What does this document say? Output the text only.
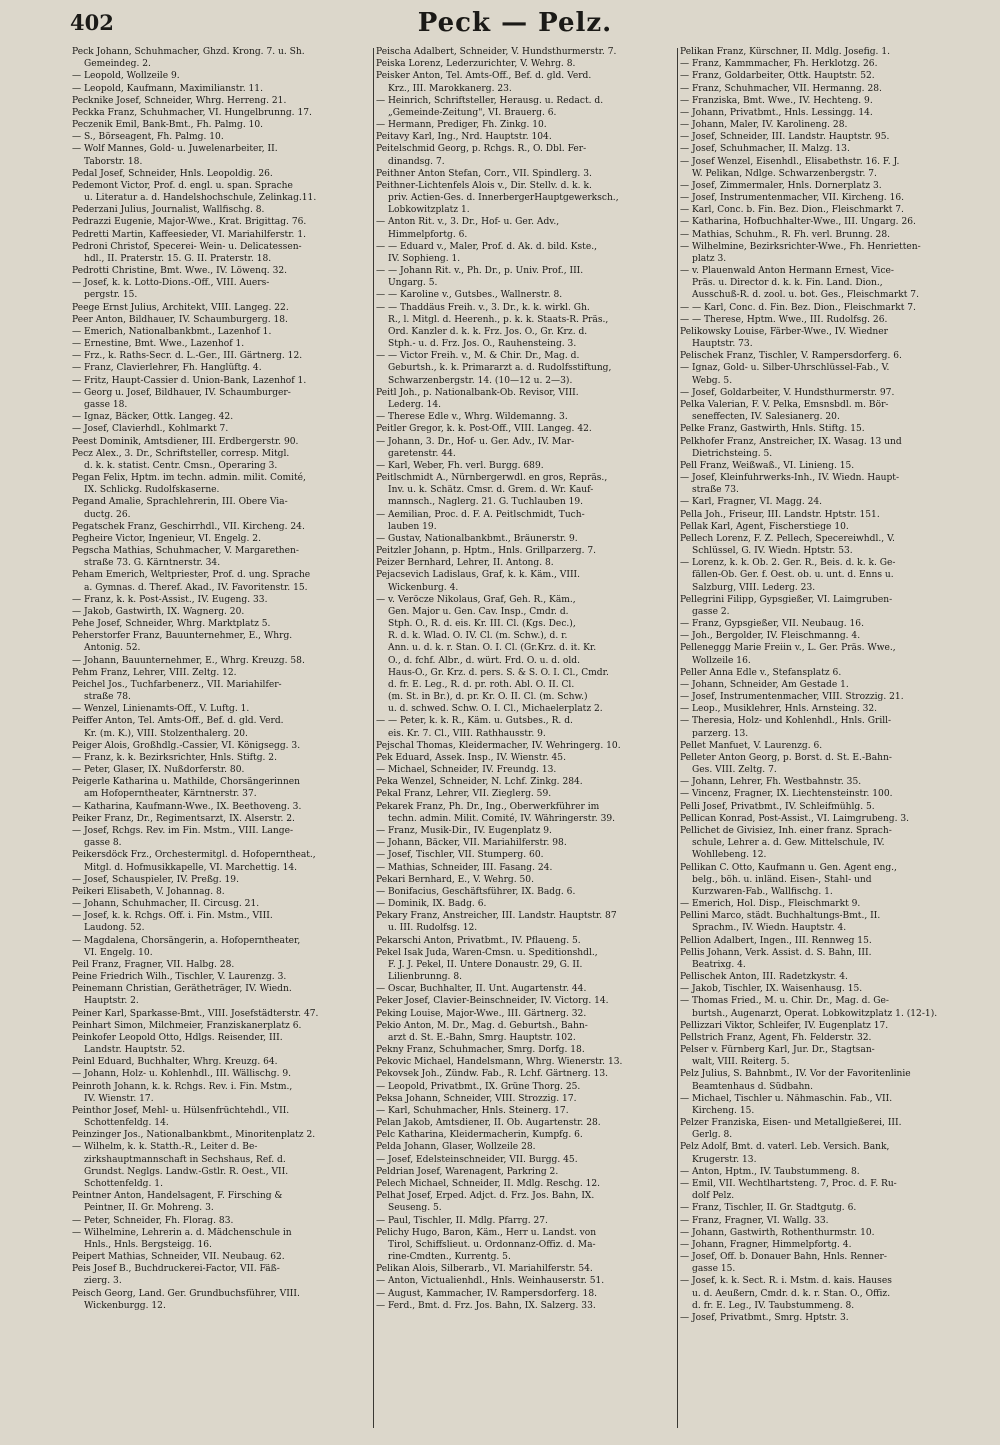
402	Peck — Pelz.
Peck Johann, Schuhmacher, Ghzd. Krong. 7. u. Sh.
Gemeindeg. 2.
— Leopold, Wollzeile 9.
— Leopold, Kaufmann, Maximilianstr. 11.
Pecknike Josef, Schneider, Whrg. Herreng. 21.
Peckka Franz, Schuhmacher, VI. Hungelbrunng. 17.
Peczenik Emil, Bank-Bmt., Fh. Palmg. 10.
— S., Börseagent, Fh. Palmg. 10.
— Wolf Mannes, Gold- u. Juwelenarbeiter, II.
Taborstr. 18.
Pedal Josef, Schneider, Hnls. Leopoldig. 26.
Pedemont Victor, Prof. d. engl. u. span. Sprache
u. Literatur a. d. Handelshochschule, Zelinkag.11.
Pederzani Julius, Journalist, Wallfischg. 8.
Pedrazzi Eugenie, Major-Wwe., Krat. Brigittag. 76.
Pedretti Martin, Kaffeesieder, VI. Mariahilferstr. 1.
Pedroni Christof, Specerei- Wein- u. Delicatessen-
hdl., II. Praterstr. 15. G. II. Praterstr. 18.
Pedrotti Christine, Bmt. Wwe., IV. Löwenq. 32.
— Josef, k. k. Lotto-Dions.-Off., VIII. Auers-
pergstr. 15.
Peege Ernst Julius, Architekt, VIII. Langeg. 22.
Peer Anton, Bildhauer, IV. Schaumburgerg. 18.
— Emerich, Nationalbankbmt., Lazenhof 1.
— Ernestine, Bmt. Wwe., Lazenhof 1.
— Frz., k. Raths-Secr. d. L.-Ger., III. Gärtnerg. 12.
— Franz, Clavierlehrer, Fh. Hanglüftg. 4.
— Fritz, Haupt-Cassier d. Union-Bank, Lazenhof 1.
— Georg u. Josef, Bildhauer, IV. Schaumburger-
gasse 18.
— Ignaz, Bäcker, Ottk. Langeg. 42.
— Josef, Clavierhdl., Kohlmarkt 7.
Peest Dominik, Amtsdiener, III. Erdbergerstr. 90.
Pecz Alex., 3. Dr., Schriftsteller, corresp. Mitgl.
d. k. k. statist. Centr. Cmsn., Operaring 3.
Pegan Felix, Hptm. im techn. admin. milit. Comité,
IX. Schlickg. Rudolfskaserne.
Pegand Amalie, Sprachlehrerin, III. Obere Via-
ductg. 26.
Pegatschek Franz, Geschirrhdl., VII. Kircheng. 24.
Pegheire Victor, Ingenieur, VI. Engelg. 2.
Pegscha Mathias, Schuhmacher, V. Margarethen-
straße 73. G. Kärntnerstr. 34.
Peham Emerich, Weltpriester, Prof. d. ung. Sprache
a. Gymnas. d. Theref. Akad., IV. Favoritenstr. 15.
— Franz, k. k. Post-Assist., IV. Eugeng. 33.
— Jakob, Gastwirth, IX. Wagnerg. 20.
Pehe Josef, Schneider, Whrg. Marktplatz 5.
Peherstorfer Franz, Bauunternehmer, E., Whrg.
Antonig. 52.
— Johann, Bauunternehmer, E., Whrg. Kreuzg. 58.
Pehm Franz, Lehrer, VIII. Zeltg. 12.
Peichel Jos., Tuchfarbenerz., VII. Mariahilfer-
straße 78.
— Wenzel, Linienamts-Off., V. Luftg. 1.
Peiffer Anton, Tel. Amts-Off., Bef. d. gld. Verd.
Kr. (m. K.), VIII. Stolzenthalerg. 20.
Peiger Alois, Großhdlg.-Cassier, VI. Königsegg. 3.
— Franz, k. k. Bezirksrichter, Hnls. Stiftg. 2.
— Peter, Glaser, IX. Nußdorferstr. 80.
Peigerle Katharina u. Mathilde, Chorsängerinnen
am Hofoperntheater, Kärntnerstr. 37.
— Katharina, Kaufmann-Wwe., IX. Beethoveng. 3.
Peiker Franz, Dr., Regimentsarzt, IX. Alserstr. 2.
— Josef, Rchgs. Rev. im Fin. Mstm., VIII. Lange-
gasse 8.
Peikersdöck Frz., Orchestermitgl. d. Hofoperntheat.,
Mitgl. d. Hofmusikkapelle, VI. Marchettig. 14.
— Josef, Schauspieler, IV. Preßg. 19.
Peikeri Elisabeth, V. Johannag. 8.
— Johann, Schuhmacher, II. Circusg. 21.
— Josef, k. k. Rchgs. Off. i. Fin. Mstm., VIII.
Laudong. 52.
— Magdalena, Chorsängerin, a. Hofoperntheater,
VI. Engelg. 10.
Peil Franz, Fragner, VII. Halbg. 28.
Peine Friedrich Wilh., Tischler, V. Laurenzg. 3.
Peinemann Christian, Gerätheträger, IV. Wiedn.
Hauptstr. 2.
Peiner Karl, Sparkasse-Bmt., VIII. Josefstädterstr. 47.
Peinhart Simon, Milchmeier, Franziskanerplatz 6.
Peinkofer Leopold Otto, Hdlgs. Reisender, III.
Landstr. Hauptstr. 52.
Peinl Eduard, Buchhalter, Whrg. Kreuzg. 64.
— Johann, Holz- u. Kohlenhdl., III. Wällischg. 9.
Peinroth Johann, k. k. Rchgs. Rev. i. Fin. Mstm.,
IV. Wienstr. 17.
Peinthor Josef, Mehl- u. Hülsenfrüchtehdl., VII.
Schottenfeldg. 14.
Peinzinger Jos., Nationalbankbmt., Minoritenplatz 2.
— Wilhelm, k. k. Statth.-R., Leiter d. Be-
zirkshauptmannschaft in Sechshaus, Ref. d.
Grundst. Neglgs. Landw.-Gstlr. R. Oest., VII.
Schottenfeldg. 1.
Peintner Anton, Handelsagent, F. Firsching &
Peintner, II. Gr. Mohreng. 3.
— Peter, Schneider, Fh. Florag. 83.
— Wilhelmine, Lehrerin a. d. Mädchenschule in
Hnls., Hnls. Bergsteigg. 16.
Peipert Mathias, Schneider, VII. Neubaug. 62.
Peis Josef B., Buchdruckerei-Factor, VII. Fäß-
zierg. 3.
Peisch Georg, Land. Ger. Grundbuchsführer, VIII.
Wickenburgg. 12.
Peischa Adalbert, Schneider, V. Hundsthurmerstr. 7.
Peiska Lorenz, Lederzurichter, V. Wehrg. 8.
Peisker Anton, Tel. Amts-Off., Bef. d. gld. Verd.
Krz., III. Marokkanerg. 23.
— Heinrich, Schriftsteller, Herausg. u. Redact. d.
„Gemeinde-Zeitung", VI. Brauerg. 6.
— Hermann, Prediger, Fh. Zinkg. 10.
Peitavy Karl, Ing., Nrd. Hauptstr. 104.
Peitelschmid Georg, p. Rchgs. R., O. Dbl. Fer-
dinandsg. 7.
Peithner Anton Stefan, Corr., VII. Spindlerg. 3.
Peithner-Lichtenfels Alois v., Dir. Stellv. d. k. k.
priv. Actien-Ges. d. InnerbergerHauptgewerksch.,
Lobkowitzplatz 1.
— Anton Rit. v., 3. Dr., Hof- u. Ger. Adv.,
Himmelpfortg. 6.
— — Eduard v., Maler, Prof. d. Ak. d. bild. Kste.,
IV. Sophieng. 1.
— — Johann Rit. v., Ph. Dr., p. Univ. Prof., III.
Ungarg. 5.
— — Karoline v., Gutsbes., Wallnerstr. 8.
— — Thaddäus Freih. v., 3. Dr., k. k. wirkl. Gh.
R., l. Mitgl. d. Heerenh., p. k. k. Staats-R. Präs.,
Ord. Kanzler d. k. k. Frz. Jos. O., Gr. Krz. d.
Stph.- u. d. Frz. Jos. O., Rauhensteing. 3.
— — Victor Freih. v., M. & Chir. Dr., Mag. d.
Geburtsh., k. k. Primararzt a. d. Rudolfsstiftung,
Schwarzenbergstr. 14. (10—12 u. 2—3).
Peitl Joh., p. Nationalbank-Ob. Revisor, VIII.
Lederg. 14.
— Therese Edle v., Whrg. Wildemanng. 3.
Peitler Gregor, k. k. Post-Off., VIII. Langeg. 42.
— Johann, 3. Dr., Hof- u. Ger. Adv., IV. Mar-
garetenstr. 44.
— Karl, Weber, Fh. verl. Burgg. 689.
Peitlschmidt A., Nürnbergerwdl. en gros, Repräs.,
Inv. u. k. Schätz. Cmsr. d. Grem. d. Wr. Kauf-
mannsch., Naglerg. 21. G. Tuchlauben 19.
— Aemilian, Proc. d. F. A. Peitlschmidt, Tuch-
lauben 19.
— Gustav, Nationalbankbmt., Bräunerstr. 9.
Peitzler Johann, p. Hptm., Hnls. Grillparzerg. 7.
Peizer Bernhard, Lehrer, II. Antong. 8.
Pejacsevich Ladislaus, Graf, k. k. Käm., VIII.
Wickenburg. 4.
— v. Veröcze Nikolaus, Graf, Geh. R., Käm.,
Gen. Major u. Gen. Cav. Insp., Cmdr. d.
Stph. O., R. d. eis. Kr. III. Cl. (Kgs. Dec.),
R. d. k. Wlad. O. IV. Cl. (m. Schw.), d. r.
Ann. u. d. k. r. Stan. O. I. Cl. (Gr.Krz. d. it. Kr.
O., d. fchf. Albr., d. würt. Frd. O. u. d. old.
Haus-O., Gr. Krz. d. pers. S. & S. O. I. Cl., Cmdr.
d. fr. E. Leg., R. d. pr. roth. Abl. O. II. Cl.
(m. St. in Br.), d. pr. Kr. O. II. Cl. (m. Schw.)
u. d. schwed. Schw. O. I. Cl., Michaelerplatz 2.
— — Peter, k. k. R., Käm. u. Gutsbes., R. d.
eis. Kr. 7. Cl., VIII. Rathhausstr. 9.
Pejschal Thomas, Kleidermacher, IV. Wehringerg. 10.
Pek Eduard, Assek. Insp., IV. Wienstr. 45.
— Michael, Schneider, IV. Freundg. 13.
Peka Wenzel, Schneider, N. Lchf. Zinkg. 284.
Pekal Franz, Lehrer, VII. Zieglerg. 59.
Pekarek Franz, Ph. Dr., Ing., Oberwerkführer im
techn. admin. Milit. Comité, IV. Währingerstr. 39.
— Franz, Musik-Dir., IV. Eugenplatz 9.
— Johann, Bäcker, VII. Mariahilferstr. 98.
— Josef, Tischler, VII. Stumperg. 60.
— Mathias, Schneider, III. Fasang. 24.
Pekari Bernhard, E., V. Wehrg. 50.
— Bonifacius, Geschäftsführer, IX. Badg. 6.
— Dominik, IX. Badg. 6.
Pekary Franz, Anstreicher, III. Landstr. Hauptstr. 87
u. III. Rudolfsg. 12.
Pekarschi Anton, Privatbmt., IV. Pflaueng. 5.
Pekel Isak Juda, Waren-Cmsn. u. Speditionshdl.,
F. J. J. Pekel, II. Untere Donaustr. 29, G. II.
Lilienbrunng. 8.
— Oscar, Buchhalter, II. Unt. Augartenstr. 44.
Peker Josef, Clavier-Beinschneider, IV. Victorg. 14.
Peking Louise, Major-Wwe., III. Gärtnerg. 32.
Pekio Anton, M. Dr., Mag. d. Geburtsh., Bahn-
arzt d. St. E.-Bahn, Smrg. Hauptstr. 102.
Pekny Franz, Schuhmacher, Smrg. Dorfg. 18.
Pekovic Michael, Handelsmann, Whrg. Wienerstr. 13.
Pekovsek Joh., Zündw. Fab., R. Lchf. Gärtnerg. 13.
— Leopold, Privatbmt., IX. Grüne Thorg. 25.
Peksa Johann, Schneider, VIII. Strozzig. 17.
— Karl, Schuhmacher, Hnls. Steinerg. 17.
Pelan Jakob, Amtsdiener, II. Ob. Augartenstr. 28.
Pelc Katharina, Kleidermacherin, Kumpfg. 6.
Pelda Johann, Glaser, Wollzeile 28.
— Josef, Edelsteinschneider, VII. Burgg. 45.
Peldrian Josef, Warenagent, Parkring 2.
Pelech Michael, Schneider, II. Mdlg. Reschg. 12.
Pelhat Josef, Erped. Adjct. d. Frz. Jos. Bahn, IX.
Seuseng. 5.
— Paul, Tischler, II. Mdlg. Pfarrg. 27.
Pelichy Hugo, Baron, Käm., Herr u. Landst. von
Tirol, Schiffslieut. u. Ordonnanz-Offiz. d. Ma-
rine-Cmdten., Kurrentg. 5.
Pelikan Alois, Silberarb., VI. Mariahilferstr. 54.
— Anton, Victualienhdl., Hnls. Weinhauserstr. 51.
— August, Kammacher, IV. Rampersdorferg. 18.
— Ferd., Bmt. d. Frz. Jos. Bahn, IX. Salzerg. 33.
Pelikan Franz, Kürschner, II. Mdlg. Josefig. 1.
— Franz, Kammmacher, Fh. Herklotzg. 26.
— Franz, Goldarbeiter, Ottk. Hauptstr. 52.
— Franz, Schuhmacher, VII. Hermanng. 28.
— Franziska, Bmt. Wwe., IV. Hechteng. 9.
— Johann, Privatbmt., Hnls. Lessingg. 14.
— Johann, Maler, IV. Karolineng. 28.
— Josef, Schneider, III. Landstr. Hauptstr. 95.
— Josef, Schuhmacher, II. Malzg. 13.
— Josef Wenzel, Eisenhdl., Elisabethstr. 16. F. J.
W. Pelikan, Ndlge. Schwarzenbergstr. 7.
— Josef, Zimmermaler, Hnls. Dornerplatz 3.
— Josef, Instrumentenmacher, VII. Kircheng. 16.
— Karl, Conc. b. Fin. Bez. Dion., Fleischmarkt 7.
— Katharina, Hofbuchhalter-Wwe., III. Ungarg. 26.
— Mathias, Schuhm., R. Fh. verl. Brunng. 28.
— Wilhelmine, Bezirksrichter-Wwe., Fh. Henrietten-
platz 3.
— v. Plauenwald Anton Hermann Ernest, Vice-
Präs. u. Director d. k. k. Fin. Land. Dion.,
Ausschuß-R. d. zool. u. bot. Ges., Fleischmarkt 7.
— — Karl, Conc. d. Fin. Bez. Dion., Fleischmarkt 7.
— — Therese, Hptm. Wwe., III. Rudolfsg. 26.
Pelikowsky Louise, Färber-Wwe., IV. Wiedner
Hauptstr. 73.
Pelischek Franz, Tischler, V. Rampersdorferg. 6.
— Ignaz, Gold- u. Silber-Uhrschlüssel-Fab., V.
Webg. 5.
— Josef, Goldarbeiter, V. Hundsthurmerstr. 97.
Pelka Valerian, F. V. Pelka, Emsnsbdl. m. Bör-
seneffecten, IV. Salesianerg. 20.
Pelke Franz, Gastwirth, Hnls. Stiftg. 15.
Pelkhofer Franz, Anstreicher, IX. Wasag. 13 und
Dietrichsteing. 5.
Pell Franz, Weißwaß., VI. Linieng. 15.
— Josef, Kleinfuhrwerks-Inh., IV. Wiedn. Haupt-
straße 73.
— Karl, Fragner, VI. Magg. 24.
Pella Joh., Friseur, III. Landstr. Hptstr. 151.
Pellak Karl, Agent, Fischerstiege 10.
Pellech Lorenz, F. Z. Pellech, Specereiwhdl., V.
Schlüssel, G. IV. Wiedn. Hptstr. 53.
— Lorenz, k. k. Ob. 2. Ger. R., Beis. d. k. k. Ge-
fällen-Ob. Ger. f. Oest. ob. u. unt. d. Enns u.
Salzburg, VIII. Lederg. 23.
Pellegrini Filipp, Gypsgießer, VI. Laimgruben-
gasse 2.
— Franz, Gypsgießer, VII. Neubaug. 16.
— Joh., Bergolder, IV. Fleischmanng. 4.
Pelleneggg Marie Freiin v., L. Ger. Präs. Wwe.,
Wollzeile 16.
Peller Anna Edle v., Stefansplatz 6.
— Johann, Schneider, Am Gestade 1.
— Josef, Instrumentenmacher, VIII. Strozzig. 21.
— Leop., Musiklehrer, Hnls. Arnsteing. 32.
— Theresia, Holz- und Kohlenhdl., Hnls. Grill-
parzerg. 13.
Pellet Manfuet, V. Laurenzg. 6.
Pelleter Anton Georg, p. Borst. d. St. E.-Bahn-
Ges. VIII. Zeltg. 7.
— Johann, Lehrer, Fh. Westbahnstr. 35.
— Vincenz, Fragner, IX. Liechtensteinstr. 100.
Pelli Josef, Privatbmt., IV. Schleifmühlg. 5.
Pellican Konrad, Post-Assist., VI. Laimgrubeng. 3.
Pellichet de Givisiez, Inh. einer franz. Sprach-
schule, Lehrer a. d. Gew. Mittelschule, IV.
Wohllebeng. 12.
Pellikan C. Otto, Kaufmann u. Gen. Agent eng.,
belg., böh. u. inländ. Eisen-, Stahl- und
Kurzwaren-Fab., Wallfischg. 1.
— Emerich, Hol. Disp., Fleischmarkt 9.
Pellini Marco, städt. Buchhaltungs-Bmt., II.
Sprachm., IV. Wiedn. Hauptstr. 4.
Pellion Adalbert, Ingen., III. Rennweg 15.
Pellis Johann, Verk. Assist. d. S. Bahn, III.
Beatrixg. 4.
Pellischek Anton, III. Radetzkystr. 4.
— Jakob, Tischler, IX. Waisenhausg. 15.
— Thomas Fried., M. u. Chir. Dr., Mag. d. Ge-
burtsh., Augenarzt, Operat. Lobkowitzplatz 1. (12-1).
Pellizzari Viktor, Schleifer, IV. Eugenplatz 17.
Pellstrich Franz, Agent, Fh. Felderstr. 32.
Pelser v. Fürnberg Karl, Jur. Dr., Stagtsan-
walt, VIII. Reiterg. 5.
Pelz Julius, S. Bahnbmt., IV. Vor der Favoritenlinie
Beamtenhaus d. Südbahn.
— Michael, Tischler u. Nähmaschin. Fab., VII.
Kircheng. 15.
Pelzer Franziska, Eisen- und Metallgießerei, III.
Gerlg. 8.
Pelz Adolf, Bmt. d. vaterl. Leb. Versich. Bank,
Krugerstr. 13.
— Anton, Hptm., IV. Taubstummeng. 8.
— Emil, VII. Wechtlhartsteng. 7, Proc. d. F. Ru-
dolf Pelz.
— Franz, Tischler, II. Gr. Stadtgutg. 6.
— Franz, Fragner, VI. Wallg. 33.
— Johann, Gastwirth, Rothenthurmstr. 10.
— Johann, Fragner, Himmelpfortg. 4.
— Josef, Off. b. Donauer Bahn, Hnls. Renner-
gasse 15.
— Josef, k. k. Sect. R. i. Mstm. d. kais. Hauses
u. d. Aeußern, Cmdr. d. k. r. Stan. O., Offiz.
d. fr. E. Leg., IV. Taubstummeng. 8.
— Josef, Privatbmt., Smrg. Hptstr. 3.
